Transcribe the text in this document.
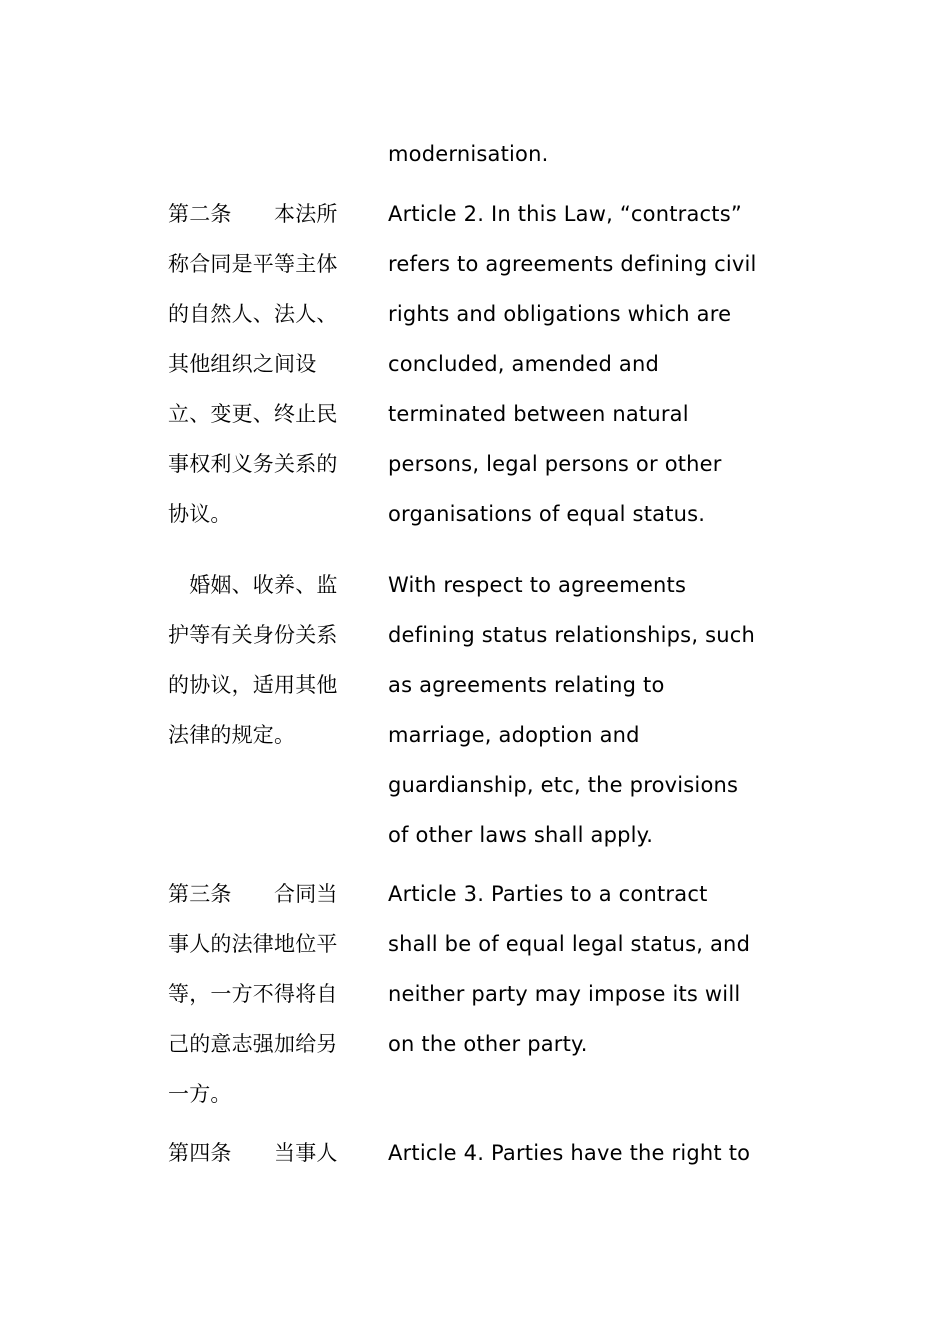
modernisation.
第二条　　本法所
称合同是平等主体
的自然人、法人、
其他组织之间设
立、变更、终止民
事权利义务关系的
协议。
Article 2. In this Law, “contracts”
refers to agreements defining civil
rights and obligations which are
concluded, amended and
terminated between natural
persons, legal persons or other
organisations of equal status.
　婚姻、收养、监
护等有关身份关系
的协议，适用其他
法律的规定。
With respect to agreements
defining status relationships, such
as agreements relating to
marriage, adoption and
guardianship, etc, the provisions
of other laws shall apply.
第三条　　合同当
事人的法律地位平
等，一方不得将自
己的意志强加给另
一方。
Article 3. Parties to a contract
shall be of equal legal status, and
neither party may impose its will
on the other party.
第四条　　当事人 Article 4. Parties have the right to
